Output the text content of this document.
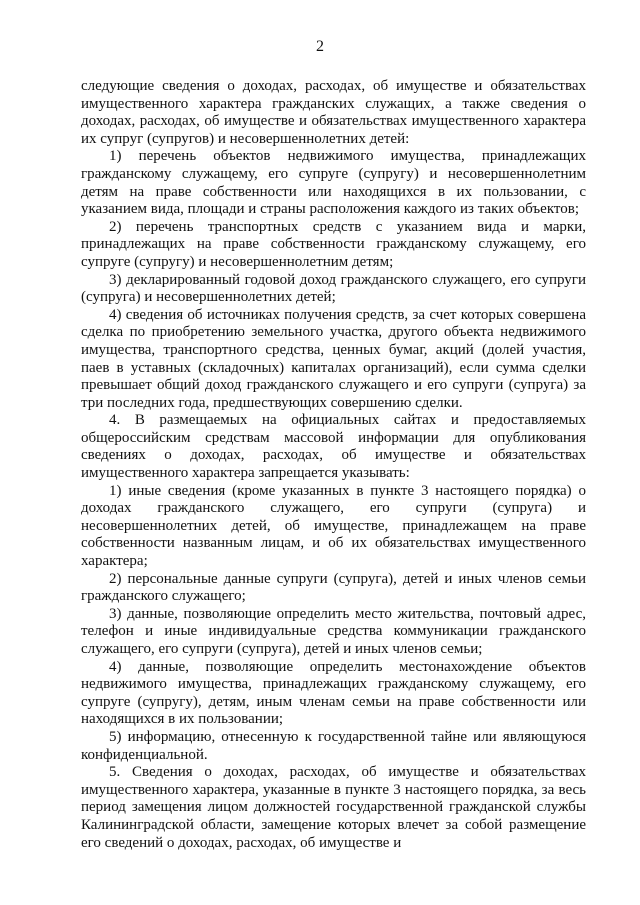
2

следующие сведения о доходах, расходах, об имуществе и обязательствах имущественного характера гражданских служащих, а также сведения о доходах, расходах, об имуществе и обязательствах имущественного характера их супруг (супругов) и несовершеннолетних детей:

1) перечень объектов недвижимого имущества, принадлежащих гражданскому служащему, его супруге (супругу) и несовершеннолетним детям на праве собственности или находящихся в их пользовании, с указанием вида, площади и страны расположения каждого из таких объектов;

2) перечень транспортных средств с указанием вида и марки, принадлежащих на праве собственности гражданскому служащему, его супруге (супругу) и несовершеннолетним детям;

3) декларированный годовой доход гражданского служащего, его супруги (супруга) и несовершеннолетних детей;

4) сведения об источниках получения средств, за счет которых совершена сделка по приобретению земельного участка, другого объекта недвижимого имущества, транспортного средства, ценных бумаг, акций (долей участия, паев в уставных (складочных) капиталах организаций), если сумма сделки превышает общий доход гражданского служащего и его супруги (супруга) за три последних года, предшествующих совершению сделки.

4. В размещаемых на официальных сайтах и предоставляемых общероссийским средствам массовой информации для опубликования сведениях о доходах, расходах, об имуществе и обязательствах имущественного характера запрещается указывать:

1) иные сведения (кроме указанных в пункте 3 настоящего порядка) о доходах гражданского служащего, его супруги (супруга) и несовершеннолетних детей, об имуществе, принадлежащем на праве собственности названным лицам, и об их обязательствах имущественного характера;

2) персональные данные супруги (супруга), детей и иных членов семьи гражданского служащего;

3) данные, позволяющие определить место жительства, почтовый адрес, телефон и иные индивидуальные средства коммуникации гражданского служащего, его супруги (супруга), детей и иных членов семьи;

4) данные, позволяющие определить местонахождение объектов недвижимого имущества, принадлежащих гражданскому служащему, его супруге (супругу), детям, иным членам семьи на праве собственности или находящихся в их пользовании;

5) информацию, отнесенную к государственной тайне или являющуюся конфиденциальной.

5. Сведения о доходах, расходах, об имуществе и обязательствах имущественного характера, указанные в пункте 3 настоящего порядка, за весь период замещения лицом должностей государственной гражданской службы Калининградской области, замещение которых влечет за собой размещение его сведений о доходах, расходах, об имуществе и
